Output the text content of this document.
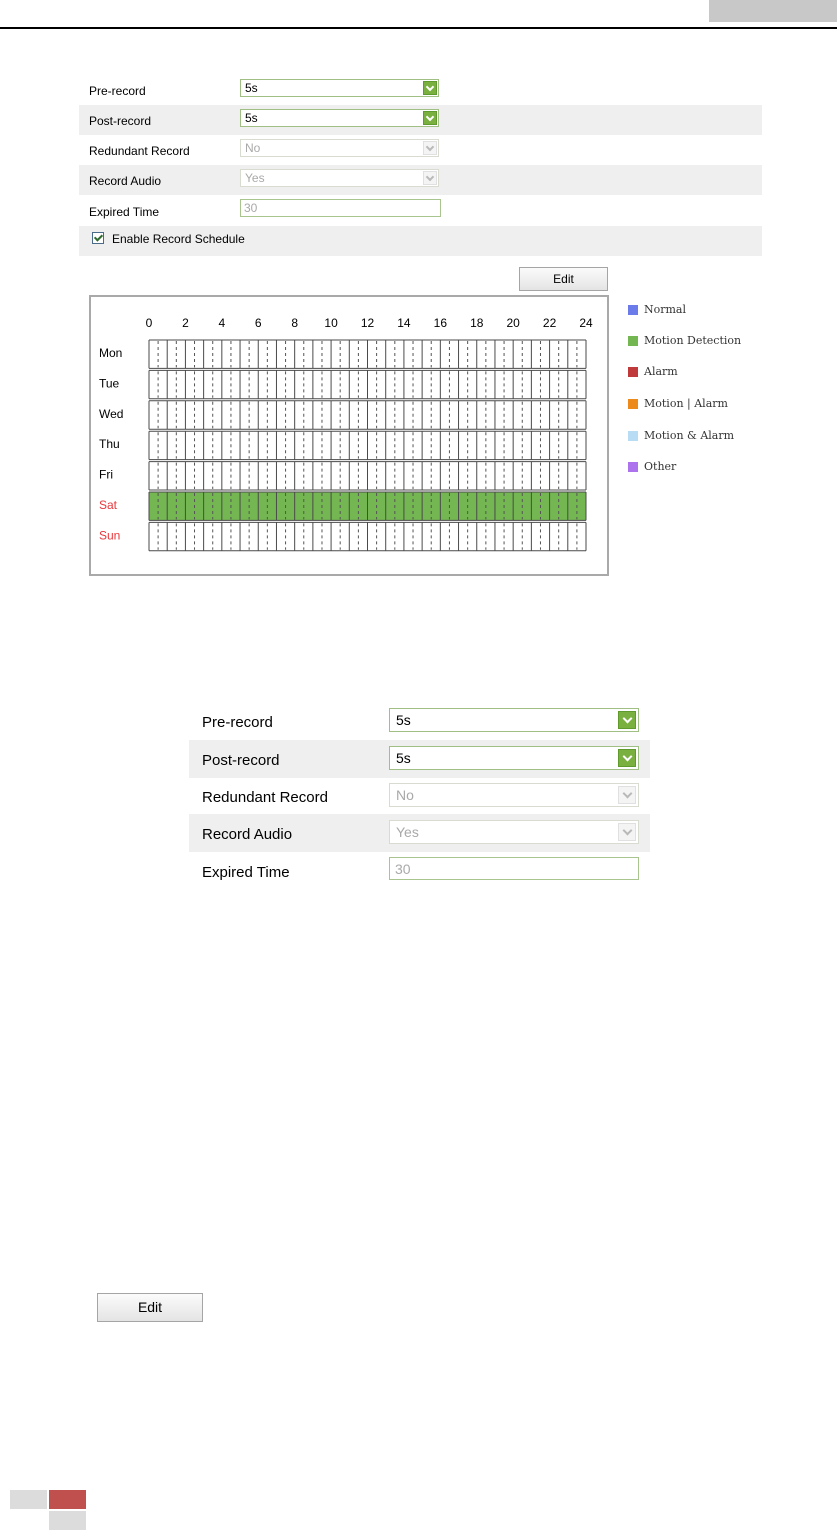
Pre-record	5s
Post-record	5s
Redundant Record	No
Record Audio	Yes
Expired Time	30
Enable Record Schedule
Edit
0 2 4 6 8 10 12 14 16 18 20 22 24
Mon
Tue
Wed
Thu
Fri
Sat
Sun
Normal
Motion Detection
Alarm
Motion | Alarm
Motion & Alarm
Other
Pre-record	5s
Post-record	5s
Redundant Record	No
Record Audio	Yes
Expired Time	30
Edit
